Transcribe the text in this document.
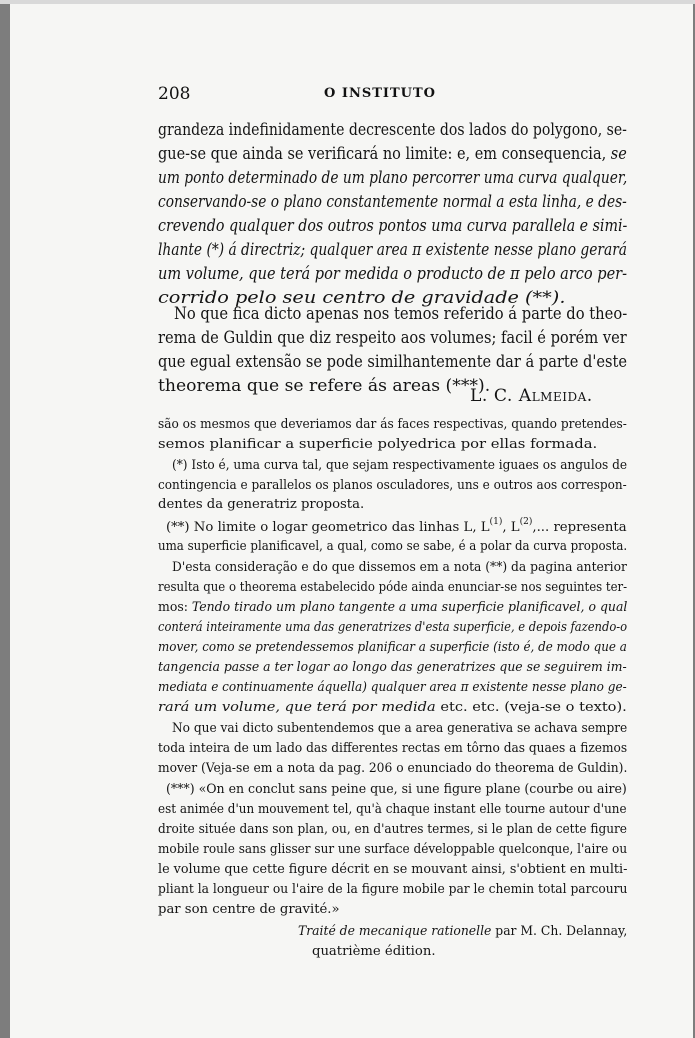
208	O INSTITUTO
grandeza indefinidamente decrescente dos lados do polygono, se-
gue-se que ainda se verificará no limite: e, em consequencia, se
um ponto determinado de um plano percorrer uma curva qualquer,
conservando-se o plano constantemente normal a esta linha, e des-
crevendo qualquer dos outros pontos uma curva parallela e simi-
lhante (*) á directriz; qualquer area π existente nesse plano gerará
um volume, que terá por medida o producto de π pelo arco per-
corrido pelo seu centro de gravidade (**).
No que fica dicto apenas nos temos referido á parte do theo-
rema de Guldin que diz respeito aos volumes; facil é porém ver
que egual extensão se pode similhantemente dar á parte d'este
theorema que se refere ás areas (***).
L. C. Almeida.
são os mesmos que deveriamos dar ás faces respectivas, quando pretendes-
semos planificar a superficie polyedrica por ellas formada.
(*) Isto é, uma curva tal, que sejam respectivamente iguaes os angulos de
contingencia e parallelos os planos osculadores, uns e outros aos correspon-
dentes da generatriz proposta.
(**) No limite o logar geometrico das linhas L, $L^{(1)}$, $L^{(2)}$,... representa
uma superficie planificavel, a qual, como se sabe, é a polar da curva proposta.
D'esta consideração e do que dissemos em a nota (**) da pagina anterior
resulta que o theorema estabelecido póde ainda enunciar-se nos seguintes ter-
mos: Tendo tirado um plano tangente a uma superficie planificavel, o qual
conterá inteiramente uma das generatrizes d'esta superficie, e depois fazendo-o
mover, como se pretendessemos planificar a superficie (isto é, de modo que a
tangencia passe a ter logar ao longo das generatrizes que se seguirem im-
mediata e continuamente áquella) qualquer area π existente nesse plano ge-
rará um volume, que terá por medida etc. etc. (veja-se o texto).
No que vai dicto subentendemos que a area generativa se achava sempre
toda inteira de um lado das differentes rectas em tôrno das quaes a fizemos
mover (Veja-se em a nota da pag. 206 o enunciado do theorema de Guldin).
(***) «On en conclut sans peine que, si une figure plane (courbe ou aire)
est animée d'un mouvement tel, qu'à chaque instant elle tourne autour d'une
droite située dans son plan, ou, en d'autres termes, si le plan de cette figure
mobile roule sans glisser sur une surface développable quelconque, l'aire ou
le volume que cette figure décrit en se mouvant ainsi, s'obtient en multi-
pliant la longueur ou l'aire de la figure mobile par le chemin total parcouru
par son centre de gravité.»
Traité de mecanique rationelle par M. Ch. Delannay,
quatrième édition.
